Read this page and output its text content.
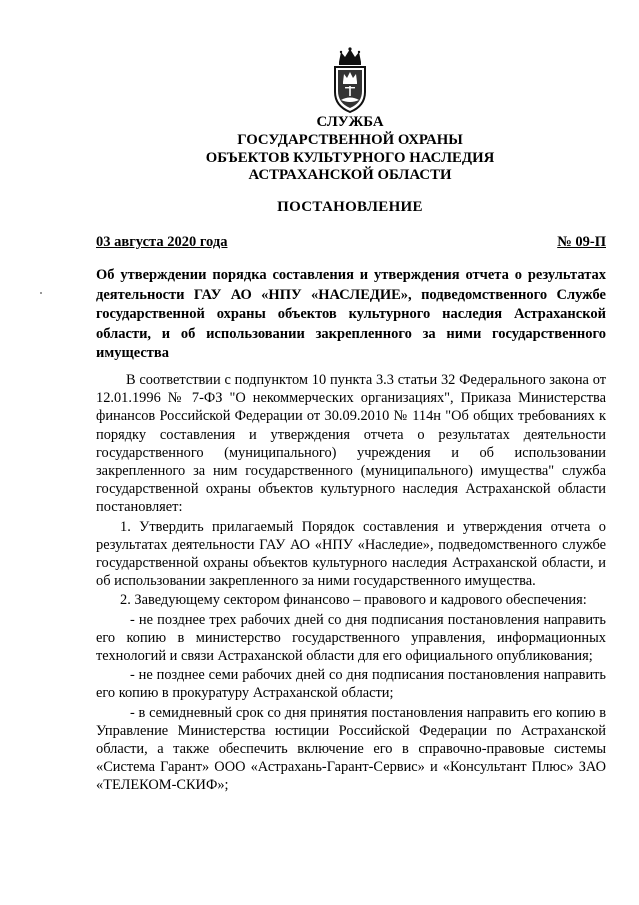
СЛУЖБА
ГОСУДАРСТВЕННОЙ ОХРАНЫ
ОБЪЕКТОВ КУЛЬТУРНОГО НАСЛЕДИЯ
АСТРАХАНСКОЙ ОБЛАСТИ
ПОСТАНОВЛЕНИЕ
03 августа 2020 года	№ 09-П
Об утверждении порядка составления и утверждения отчета о результатах деятельности ГАУ АО «НПУ «НАСЛЕДИЕ», подведомственного Службе государственной охраны объектов культурного наследия Астраханской области, и об использовании закрепленного за ними государственного имущества

В соответствии с подпунктом 10 пункта 3.3 статьи 32 Федерального закона от 12.01.1996 № 7-ФЗ "О некоммерческих организациях", Приказа Министерства финансов Российской Федерации от 30.09.2010 № 114н "Об общих требованиях к порядку составления и утверждения отчета о результатах деятельности государственного (муниципального) учреждения и об использовании закрепленного за ним государственного (муниципального) имущества" служба государственной охраны объектов культурного наследия Астраханской области постановляет:

1. Утвердить прилагаемый Порядок составления и утверждения отчета о результатах деятельности ГАУ АО «НПУ «Наследие», подведомственного службе государственной охраны объектов культурного наследия Астраханской области, и об использовании закрепленного за ними государственного имущества.

2. Заведующему сектором финансово – правового и кадрового обеспечения:

- не позднее трех рабочих дней со дня подписания постановления направить его копию в министерство государственного управления, информационных технологий и связи Астраханской области для его официального опубликования;

- не позднее семи рабочих дней со дня подписания постановления направить его копию в прокуратуру Астраханской области;

- в семидневный срок со дня принятия постановления направить его копию в Управление Министерства юстиции Российской Федерации по Астраханской области, а также обеспечить включение его в справочно-правовые системы «Система Гарант» ООО «Астрахань-Гарант-Сервис» и «Консультант Плюс» ЗАО «ТЕЛЕКОМ-СКИФ»;
